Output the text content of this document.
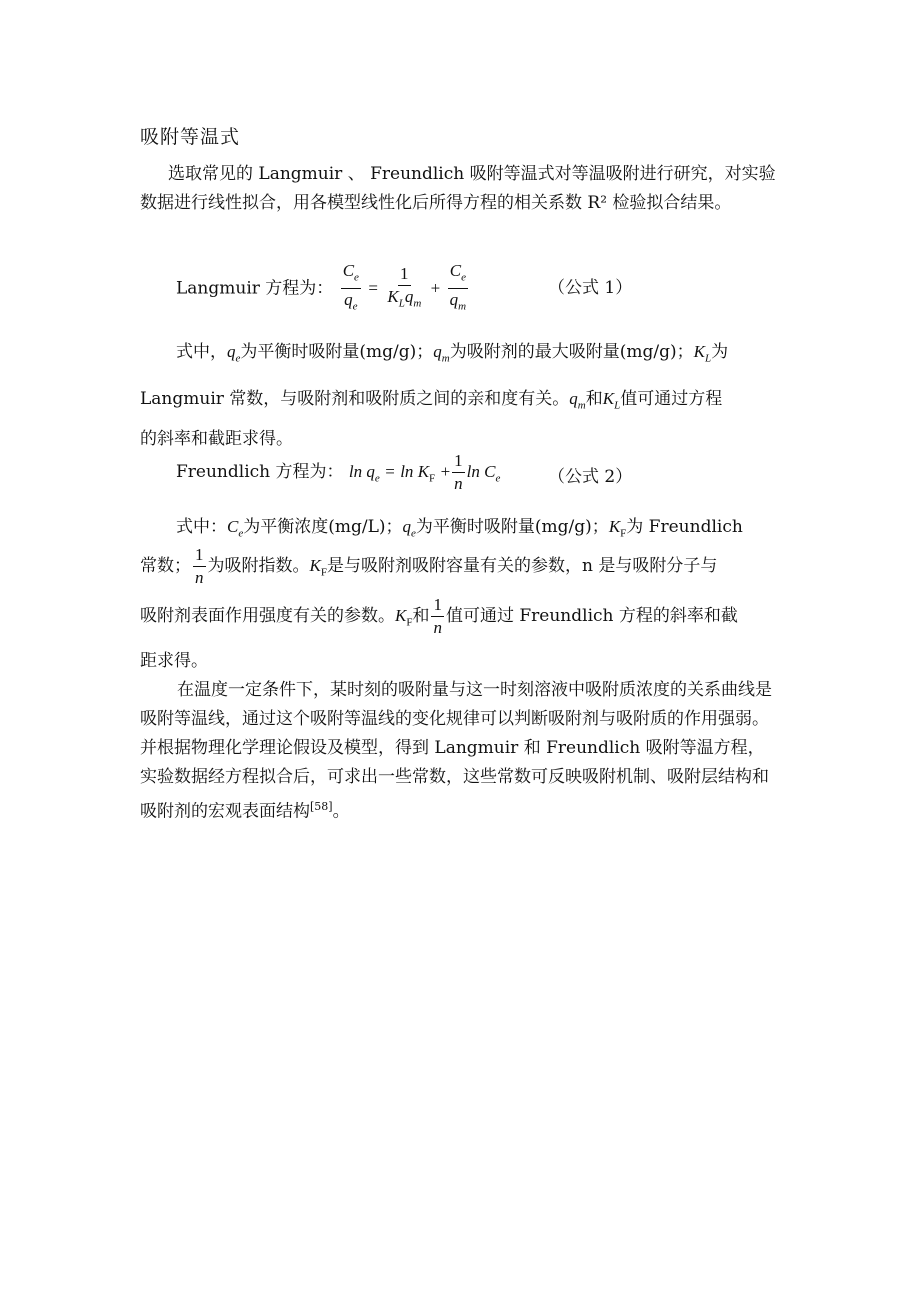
吸附等温式

选取常见的 Langmuir 、 Freundlich 吸附等温式对等温吸附进行研究，对实验数据进行线性拟合，用各模型线性化后所得方程的相关系数 R² 检验拟合结果。

Langmuir 方程为： $\frac{C_e}{q_e} = \frac{1}{K_Lq_m} + \frac{C_e}{q_m}$	（公式 1）
式中，$q_e$为平衡时吸附量(mg/g)；$q_m$为吸附剂的最大吸附量(mg/g)；$K_L$为
Langmuir 常数，与吸附剂和吸附质之间的亲和度有关。$q_m$和$K_L$值可通过方程
的斜率和截距求得。
Freundlich 方程为： $\ln q_e = \ln K_F + \frac{1}{n}$ $\ln C_e$	（公式 2）
式中：$C_e$为平衡浓度(mg/L)；$q_e$为平衡时吸附量(mg/g)；$K_F$为 Freundlich
常数； $\frac{1}{n}$ 为吸附指数。$K_F$是与吸附剂吸附容量有关的参数，n 是与吸附分子与
吸附剂表面作用强度有关的参数。$K_F$和 $\frac{1}{n}$ 值可通过 Freundlich 方程的斜率和截
距求得。

在温度一定条件下，某时刻的吸附量与这一时刻溶液中吸附质浓度的关系曲线是吸附等温线，通过这个吸附等温线的变化规律可以判断吸附剂与吸附质的作用强弱。并根据物理化学理论假设及模型，得到 Langmuir 和 Freundlich 吸附等温方程，实验数据经方程拟合后，可求出一些常数，这些常数可反映吸附机制、吸附层结构和吸附剂的宏观表面结构[58]。
